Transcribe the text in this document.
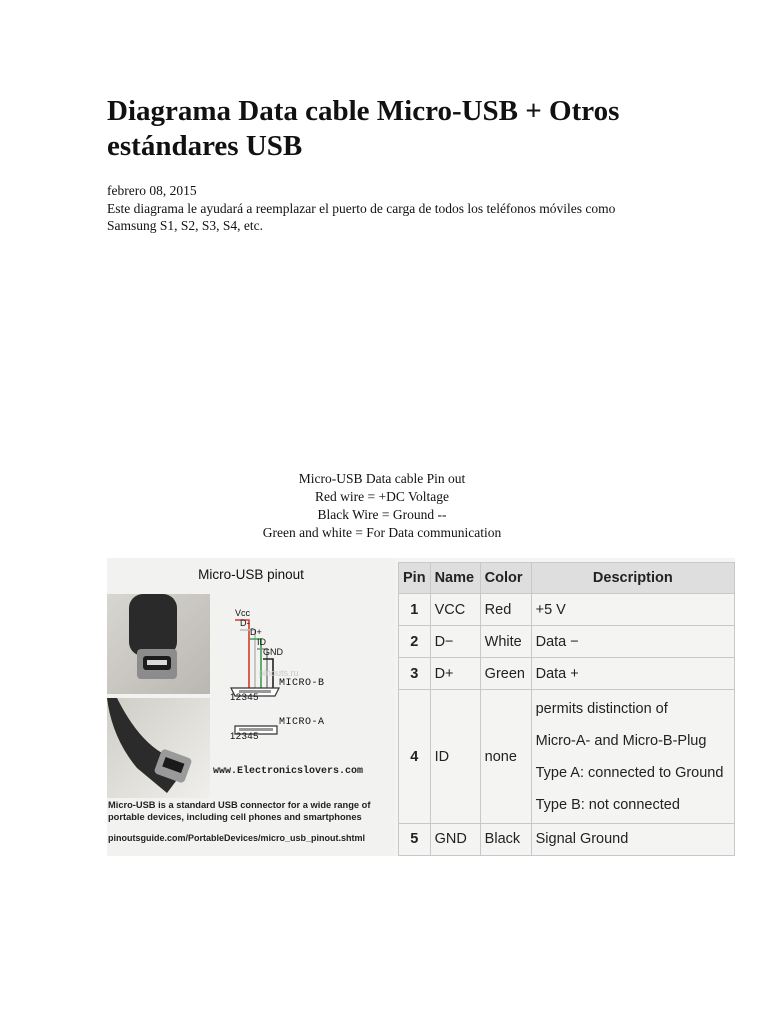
Diagrama Data cable Micro-USB + Otros estándares USB
febrero 08, 2015
Este diagrama le ayudará a reemplazar el puerto de carga de todos los teléfonos móviles como Samsung S1, S2, S3, S4, etc.
Micro-USB Data cable Pin out
Red wire = +DC Voltage
Black Wire = Ground --
Green and white = For Data communication
Micro-USB pinout
Vcc
D-
D+
ID
GND
pinouts.ru
MICRO-B
12345
MICRO-A
12345
www.Electronicslovers.com
Micro-USB is a standard USB connector for a wide range of portable devices, including cell phones and smartphones
pinoutsguide.com/PortableDevices/micro_usb_pinout.shtml
Pin	Name	Color	Description
1	VCC	Red	+5 V
2	D−	White	Data −
3	D+	Green	Data +
4	ID	none	permits distinction of
Micro-A- and Micro-B-Plug
Type A: connected to Ground
Type B: not connected

5	GND	Black	Signal Ground
